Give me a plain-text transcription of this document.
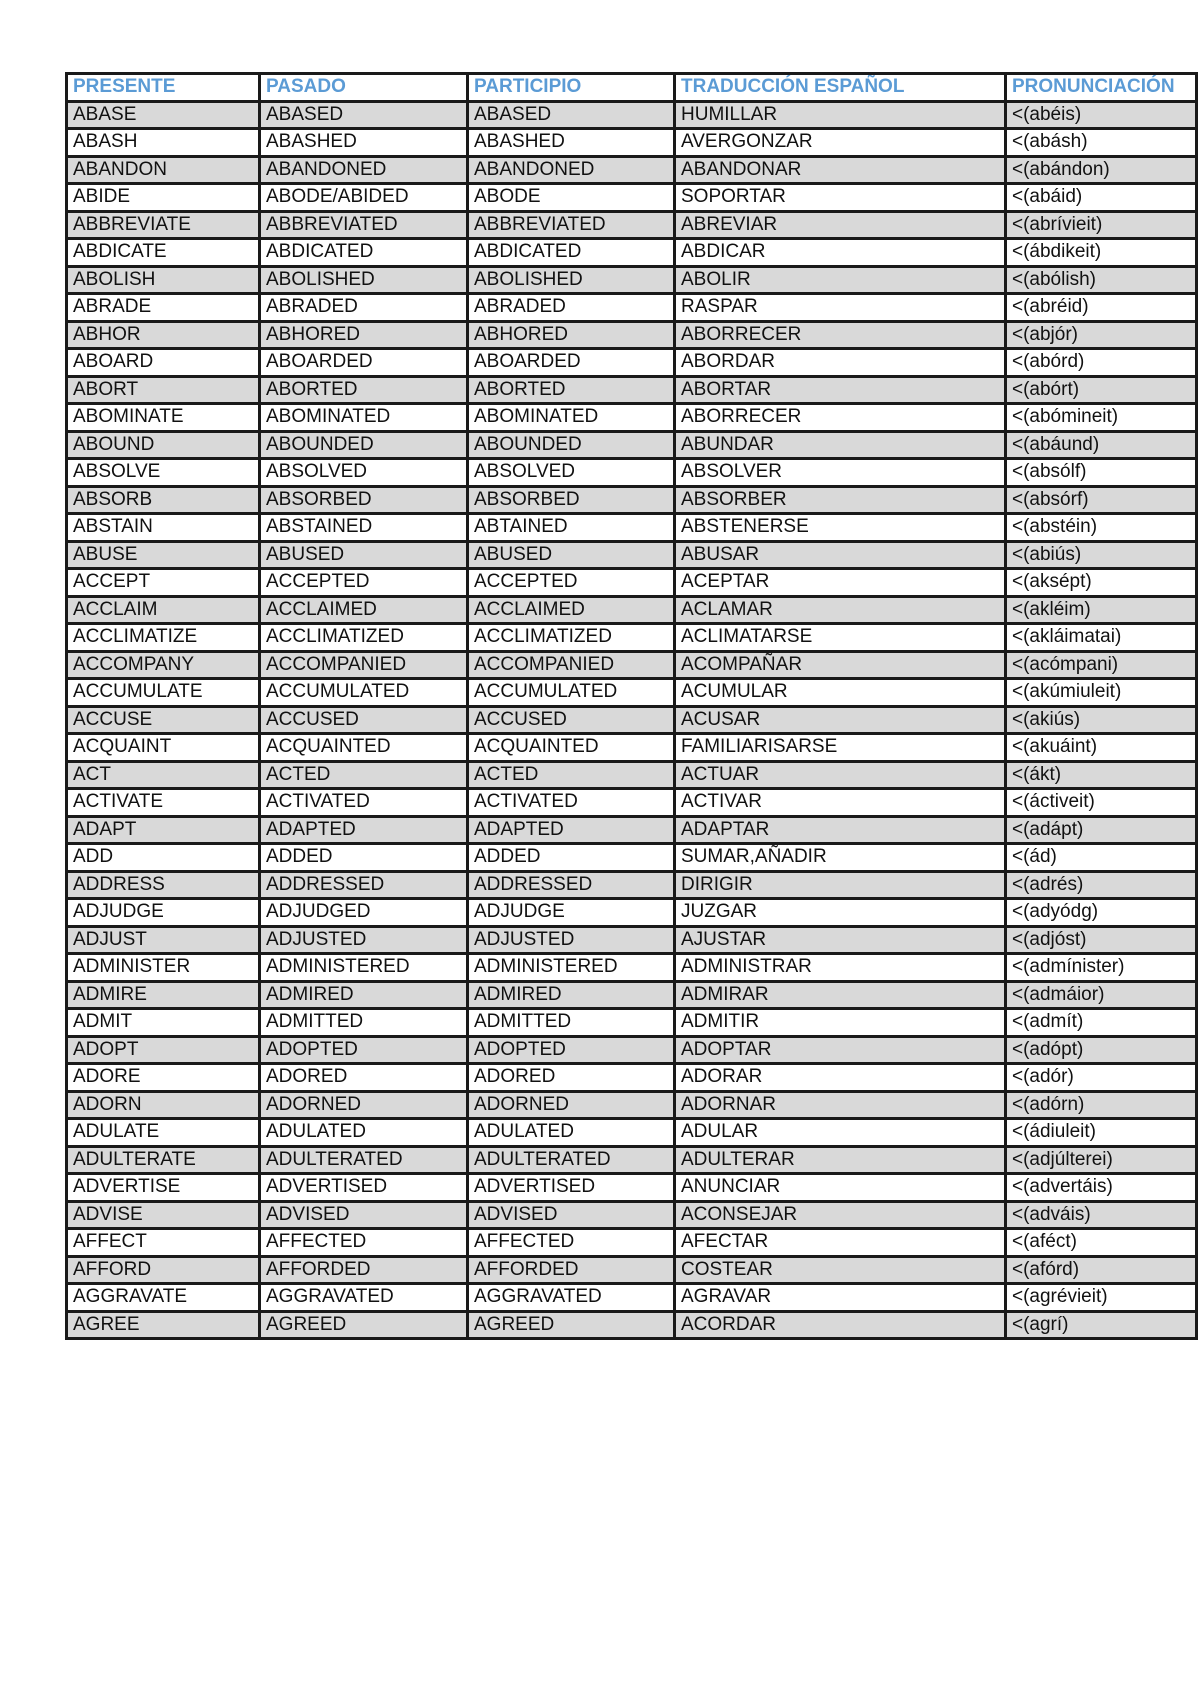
PRESENTE	PASADO	PARTICIPIO	TRADUCCIÓN ESPAÑOL	PRONUNCIACIÓN
ABASE	ABASED	ABASED	HUMILLAR	<(abéis)
ABASH	ABASHED	ABASHED	AVERGONZAR	<(abásh)
ABANDON	ABANDONED	ABANDONED	ABANDONAR	<(abándon)
ABIDE	ABODE/ABIDED	ABODE	SOPORTAR	<(abáid)
ABBREVIATE	ABBREVIATED	ABBREVIATED	ABREVIAR	<(abrívieit)
ABDICATE	ABDICATED	ABDICATED	ABDICAR	<(ábdikeit)
ABOLISH	ABOLISHED	ABOLISHED	ABOLIR	<(abólish)
ABRADE	ABRADED	ABRADED	RASPAR	<(abréid)
ABHOR	ABHORED	ABHORED	ABORRECER	<(abjór)
ABOARD	ABOARDED	ABOARDED	ABORDAR	<(abórd)
ABORT	ABORTED	ABORTED	ABORTAR	<(abórt)
ABOMINATE	ABOMINATED	ABOMINATED	ABORRECER	<(abómineit)
ABOUND	ABOUNDED	ABOUNDED	ABUNDAR	<(abáund)
ABSOLVE	ABSOLVED	ABSOLVED	ABSOLVER	<(absólf)
ABSORB	ABSORBED	ABSORBED	ABSORBER	<(absórf)
ABSTAIN	ABSTAINED	ABTAINED	ABSTENERSE	<(abstéin)
ABUSE	ABUSED	ABUSED	ABUSAR	<(abiús)
ACCEPT	ACCEPTED	ACCEPTED	ACEPTAR	<(aksépt)
ACCLAIM	ACCLAIMED	ACCLAIMED	ACLAMAR	<(akléim)
ACCLIMATIZE	ACCLIMATIZED	ACCLIMATIZED	ACLIMATARSE	<(akláimatai)
ACCOMPANY	ACCOMPANIED	ACCOMPANIED	ACOMPAÑAR	<(acómpani)
ACCUMULATE	ACCUMULATED	ACCUMULATED	ACUMULAR	<(akúmiuleit)
ACCUSE	ACCUSED	ACCUSED	ACUSAR	<(akiús)
ACQUAINT	ACQUAINTED	ACQUAINTED	FAMILIARISARSE	<(akuáint)
ACT	ACTED	ACTED	ACTUAR	<(ákt)
ACTIVATE	ACTIVATED	ACTIVATED	ACTIVAR	<(áctiveit)
ADAPT	ADAPTED	ADAPTED	ADAPTAR	<(adápt)
ADD	ADDED	ADDED	SUMAR,AÑADIR	<(ád)
ADDRESS	ADDRESSED	ADDRESSED	DIRIGIR	<(adrés)
ADJUDGE	ADJUDGED	ADJUDGE	JUZGAR	<(adyódg)
ADJUST	ADJUSTED	ADJUSTED	AJUSTAR	<(adjóst)
ADMINISTER	ADMINISTERED	ADMINISTERED	ADMINISTRAR	<(admínister)
ADMIRE	ADMIRED	ADMIRED	ADMIRAR	<(admáior)
ADMIT	ADMITTED	ADMITTED	ADMITIR	<(admít)
ADOPT	ADOPTED	ADOPTED	ADOPTAR	<(adópt)
ADORE	ADORED	ADORED	ADORAR	<(adór)
ADORN	ADORNED	ADORNED	ADORNAR	<(adórn)
ADULATE	ADULATED	ADULATED	ADULAR	<(ádiuleit)
ADULTERATE	ADULTERATED	ADULTERATED	ADULTERAR	<(adjúlterei)
ADVERTISE	ADVERTISED	ADVERTISED	ANUNCIAR	<(advertáis)
ADVISE	ADVISED	ADVISED	ACONSEJAR	<(adváis)
AFFECT	AFFECTED	AFFECTED	AFECTAR	<(aféct)
AFFORD	AFFORDED	AFFORDED	COSTEAR	<(afórd)
AGGRAVATE	AGGRAVATED	AGGRAVATED	AGRAVAR	<(agrévieit)
AGREE	AGREED	AGREED	ACORDAR	<(agrí)
